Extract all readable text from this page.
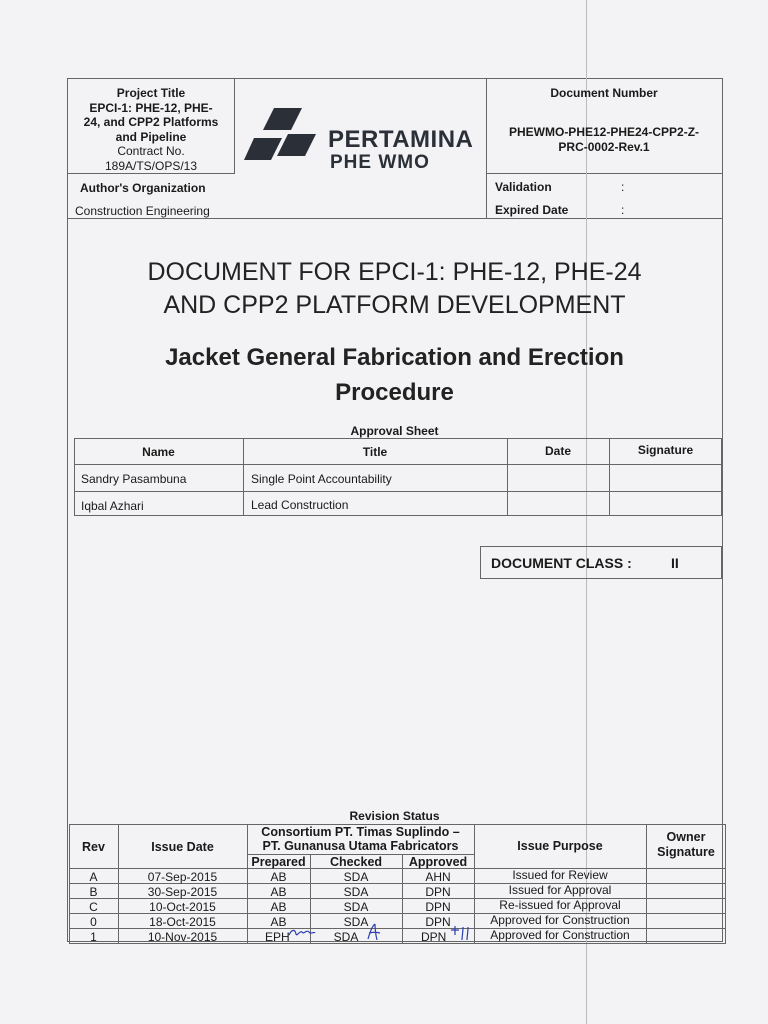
Project Title
EPCI-1: PHE-12, PHE-
24, and CPP2 Platforms
and Pipeline
Contract No.
189A/TS/OPS/13
Author's Organization
Construction Engineering
PERTAMINA
PHE WMO
Document Number
PHEWMO-PHE12-PHE24-CPP2-Z-
PRC-0002-Rev.1
Validation	:
Expired Date	:
DOCUMENT FOR EPCI-1: PHE-12, PHE-24
AND CPP2 PLATFORM DEVELOPMENT
Jacket General Fabrication and Erection
Procedure
Approval Sheet
Name	Title	Date	Signature
Sandry Pasambuna	Single Point Accountability
Iqbal Azhari	Lead Construction
DOCUMENT CLASS :	II
Revision Status
Rev	Issue Date
Consortium PT. Timas Suplindo –
PT. Gunanusa Utama Fabricators
Prepared	Checked	Approved
Issue Purpose
Owner
Signature
A	07-Sep-2015	AB	SDA	AHN	Issued for Review
B	30-Sep-2015	AB	SDA	DPN	Issued for Approval
C	10-Oct-2015	AB	SDA	DPN	Re-issued for Approval
0	18-Oct-2015	AB	SDA	DPN	Approved for Construction
1	10-Nov-2015	EPH	SDA	DPN	Approved for Construction
